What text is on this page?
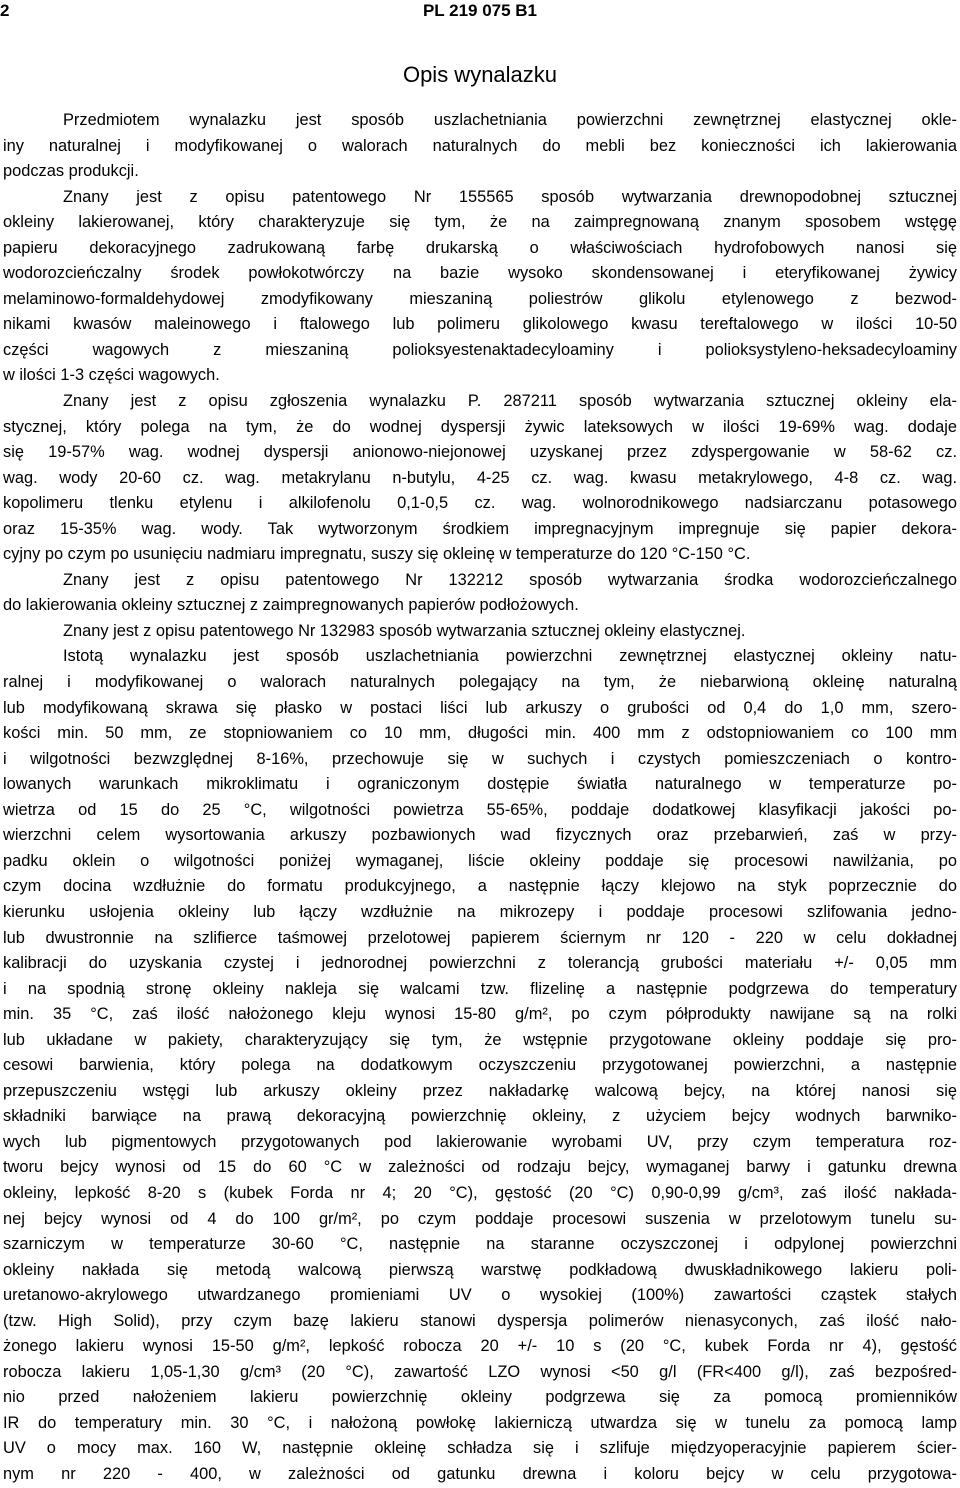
2	PL 219 075 B1
Opis wynalazku
Przedmiotem wynalazku jest sposób uszlachetniania powierzchni zewnętrznej elastycznej okle-
iny naturalnej i modyfikowanej o walorach naturalnych do mebli bez konieczności ich lakierowania
podczas produkcji.
Znany jest z opisu patentowego Nr 155565 sposób wytwarzania drewnopodobnej sztucznej
okleiny lakierowanej, który charakteryzuje się tym, że na zaimpregnowaną znanym sposobem wstęgę
papieru dekoracyjnego zadrukowaną farbę drukarską o właściwościach hydrofobowych nanosi się
wodorozcieńczalny środek powłokotwórczy na bazie wysoko skondensowanej i eteryfikowanej żywicy
melaminowo-formaldehydowej zmodyfikowany mieszaniną poliestrów glikolu etylenowego z bezwod-
nikami kwasów maleinowego i ftalowego lub polimeru glikolowego kwasu tereftalowego w ilości 10-50
części wagowych z mieszaniną polioksyestenaktadecyloaminy i polioksystyleno-heksadecyloaminy
w ilości 1-3 części wagowych.
Znany jest z opisu zgłoszenia wynalazku P. 287211 sposób wytwarzania sztucznej okleiny ela-
stycznej, który polega na tym, że do wodnej dyspersji żywic lateksowych w ilości 19-69% wag. dodaje
się 19-57% wag. wodnej dyspersji anionowo-niejonowej uzyskanej przez zdyspergowanie w 58-62 cz.
wag. wody 20-60 cz. wag. metakrylanu n-butylu, 4-25 cz. wag. kwasu metakrylowego, 4-8 cz. wag.
kopolimeru tlenku etylenu i alkilofenolu 0,1-0,5 cz. wag. wolnorodnikowego nadsiarczanu potasowego
oraz 15-35% wag. wody. Tak wytworzonym środkiem impregnacyjnym impregnuje się papier dekora-
cyjny po czym po usunięciu nadmiaru impregnatu, suszy się okleinę w temperaturze do 120 °C-150 °C.
Znany jest z opisu patentowego Nr 132212 sposób wytwarzania środka wodorozcieńczalnego
do lakierowania okleiny sztucznej z zaimpregnowanych papierów podłożowych.
Znany jest z opisu patentowego Nr 132983 sposób wytwarzania sztucznej okleiny elastycznej.
Istotą wynalazku jest sposób uszlachetniania powierzchni zewnętrznej elastycznej okleiny natu-
ralnej i modyfikowanej o walorach naturalnych polegający na tym, że niebarwioną okleinę naturalną
lub modyfikowaną skrawa się płasko w postaci liści lub arkuszy o grubości od 0,4 do 1,0 mm, szero-
kości min. 50 mm, ze stopniowaniem co 10 mm, długości min. 400 mm z odstopniowaniem co 100 mm
i wilgotności bezwzględnej 8-16%, przechowuje się w suchych i czystych pomieszczeniach o kontro-
lowanych warunkach mikroklimatu i ograniczonym dostępie światła naturalnego w temperaturze po-
wietrza od 15 do 25 °C, wilgotności powietrza 55-65%, poddaje dodatkowej klasyfikacji jakości po-
wierzchni celem wysortowania arkuszy pozbawionych wad fizycznych oraz przebarwień, zaś w przy-
padku oklein o wilgotności poniżej wymaganej, liście okleiny poddaje się procesowi nawilżania, po
czym docina wzdłużnie do formatu produkcyjnego, a następnie łączy klejowo na styk poprzecznie do
kierunku usłojenia okleiny lub łączy wzdłużnie na mikrozepy i poddaje procesowi szlifowania jedno-
lub dwustronnie na szlifierce taśmowej przelotowej papierem ściernym nr 120 - 220 w celu dokładnej
kalibracji do uzyskania czystej i jednorodnej powierzchni z tolerancją grubości materiału +/- 0,05 mm
i na spodnią stronę okleiny nakleja się walcami tzw. flizelinę a następnie podgrzewa do temperatury
min. 35 °C, zaś ilość nałożonego kleju wynosi 15-80 g/m², po czym półprodukty nawijane są na rolki
lub układane w pakiety, charakteryzujący się tym, że wstępnie przygotowane okleiny poddaje się pro-
cesowi barwienia, który polega na dodatkowym oczyszczeniu przygotowanej powierzchni, a następnie
przepuszczeniu wstęgi lub arkuszy okleiny przez nakładarkę walcową bejcy, na której nanosi się
składniki barwiące na prawą dekoracyjną powierzchnię okleiny, z użyciem bejcy wodnych barwniko-
wych lub pigmentowych przygotowanych pod lakierowanie wyrobami UV, przy czym temperatura roz-
tworu bejcy wynosi od 15 do 60 °C w zależności od rodzaju bejcy, wymaganej barwy i gatunku drewna
okleiny, lepkość 8-20 s (kubek Forda nr 4; 20 °C), gęstość (20 °C) 0,90-0,99 g/cm³, zaś ilość nakłada-
nej bejcy wynosi od 4 do 100 gr/m², po czym poddaje procesowi suszenia w przelotowym tunelu su-
szarniczym w temperaturze 30-60 °C, następnie na staranne oczyszczonej i odpylonej powierzchni
okleiny nakłada się metodą walcową pierwszą warstwę podkładową dwuskładnikowego lakieru poli-
uretanowo-akrylowego utwardzanego promieniami UV o wysokiej (100%) zawartości cząstek stałych
(tzw. High Solid), przy czym bazę lakieru stanowi dyspersja polimerów nienasyconych, zaś ilość nało-
żonego lakieru wynosi 15-50 g/m², lepkość robocza 20 +/- 10 s (20 °C, kubek Forda nr 4), gęstość
robocza lakieru 1,05-1,30 g/cm³ (20 °C), zawartość LZO wynosi <50 g/l (FR<400 g/l), zaś bezpośred-
nio przed nałożeniem lakieru powierzchnię okleiny podgrzewa się za pomocą promienników
IR do temperatury min. 30 °C, i nałożoną powłokę lakierniczą utwardza się w tunelu za pomocą lamp
UV o mocy max. 160 W, następnie okleinę schładza się i szlifuje międzyoperacyjnie papierem ścier-
nym nr 220 - 400, w zależności od gatunku drewna i koloru bejcy w celu przygotowa-
